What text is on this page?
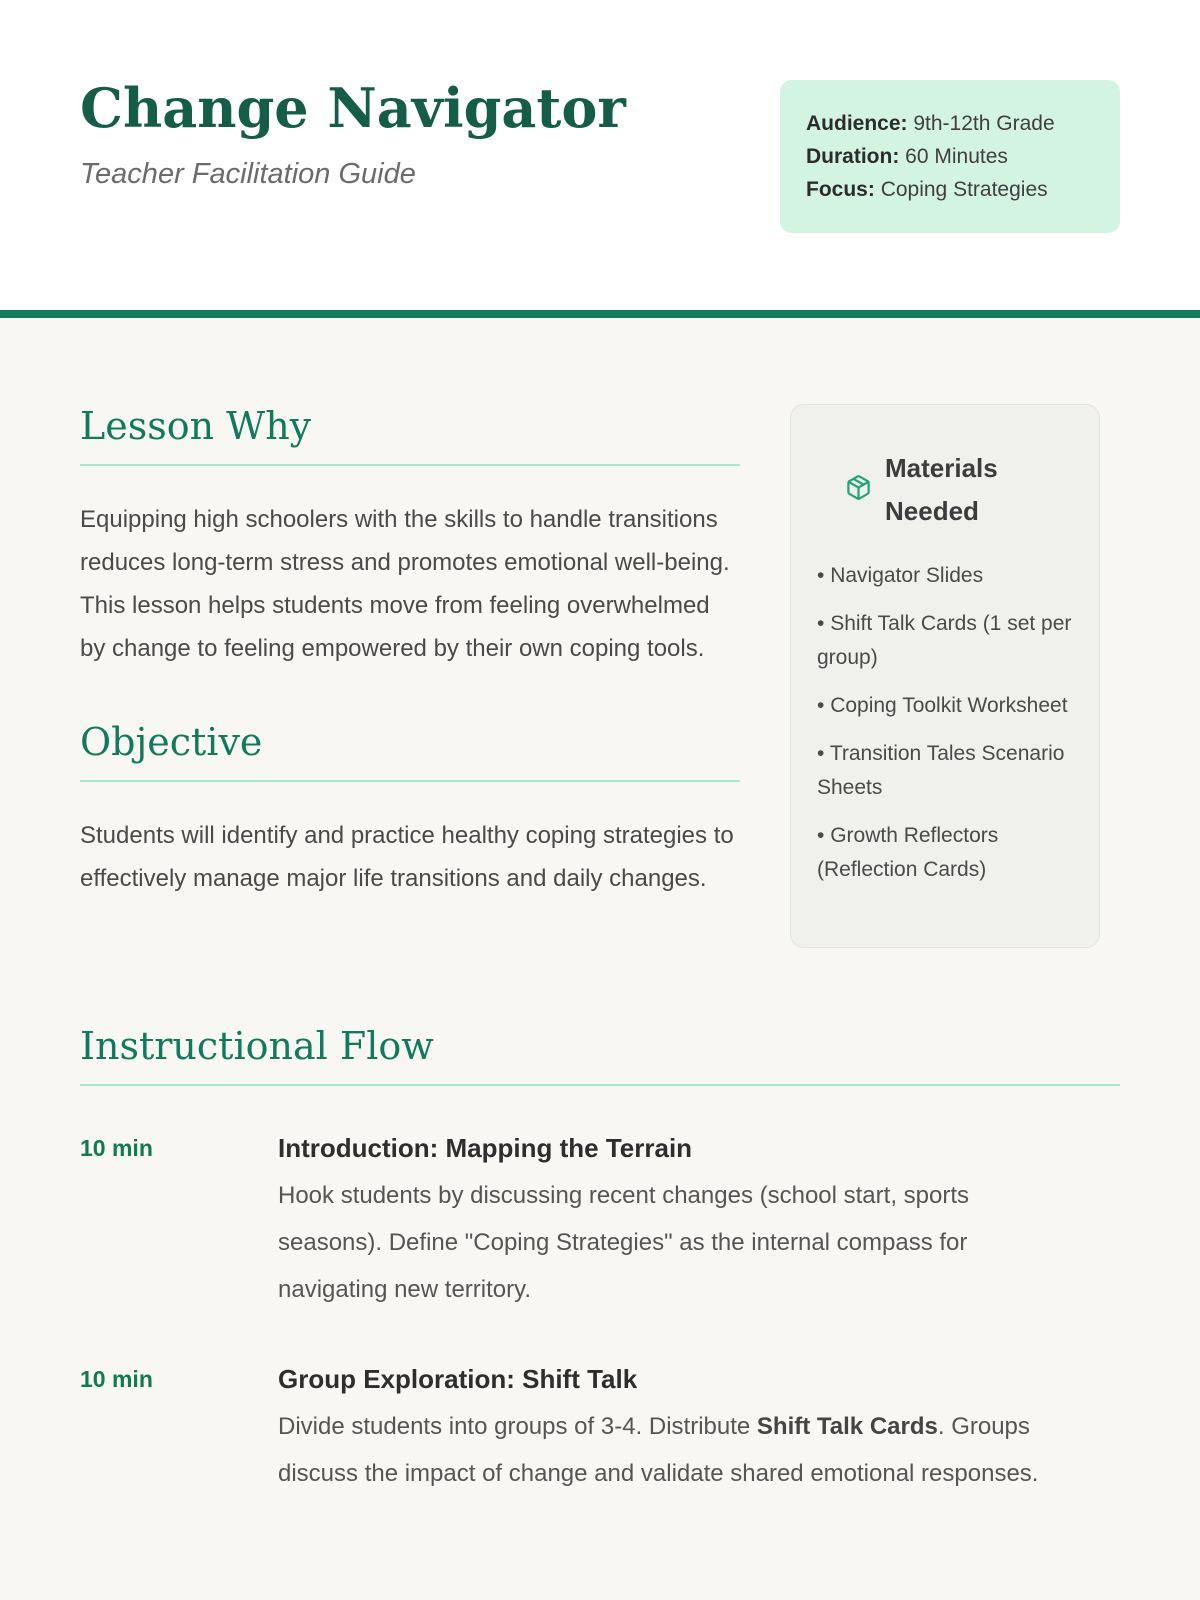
Change Navigator
Teacher Facilitation Guide
Audience: 9th-12th Grade
Duration: 60 Minutes
Focus: Coping Strategies
Lesson Why

Equipping high schoolers with the skills to handle transitions reduces long-term stress and promotes emotional well-being. This lesson helps students move from feeling overwhelmed by change to feeling empowered by their own coping tools.

Objective

Students will identify and practice healthy coping strategies to effectively manage major life transitions and daily changes.

Materials Needed
• Navigator Slides
• Shift Talk Cards (1 set per group)
• Coping Toolkit Worksheet
• Transition Tales Scenario Sheets
• Growth Reflectors (Reflection Cards)
Instructional Flow
10 min	Introduction: Mapping the Terrain
Hook students by discussing recent changes (school start, sports seasons). Define "Coping Strategies" as the internal compass for navigating new territory.
10 min	Group Exploration: Shift Talk
Divide students into groups of 3-4. Distribute Shift Talk Cards. Groups discuss the impact of change and validate shared emotional responses.
